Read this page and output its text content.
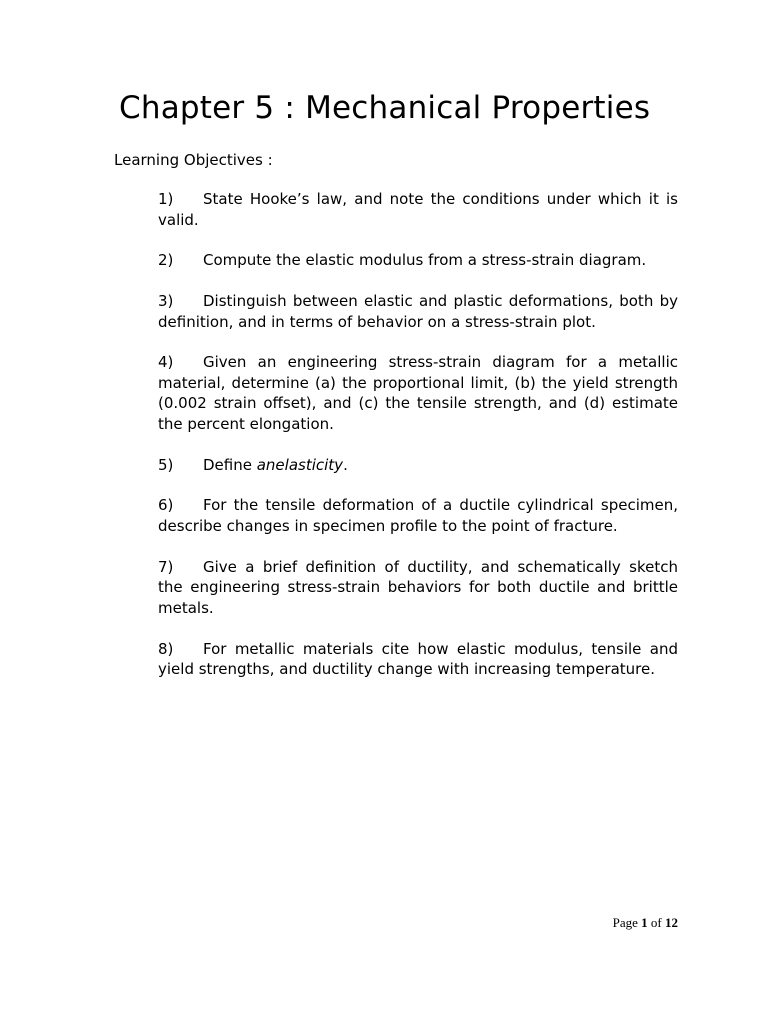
Chapter 5 : Mechanical Properties
Learning Objectives :
1) State Hooke’s law, and note the conditions under which it is valid.
2) Compute the elastic modulus from a stress-strain diagram.
3) Distinguish between elastic and plastic deformations, both by definition, and in terms of behavior on a stress-strain plot.
4) Given an engineering stress-strain diagram for a metallic material, determine (a) the proportional limit, (b) the yield strength (0.002 strain offset), and (c) the tensile strength, and (d) estimate the percent elongation.
5) Define anelasticity.
6) For the tensile deformation of a ductile cylindrical specimen, describe changes in specimen profile to the point of fracture.
7) Give a brief definition of ductility, and schematically sketch the engineering stress-strain behaviors for both ductile and brittle metals.
8) For metallic materials cite how elastic modulus, tensile and yield strengths, and ductility change with increasing temperature.
Page 1 of 12
